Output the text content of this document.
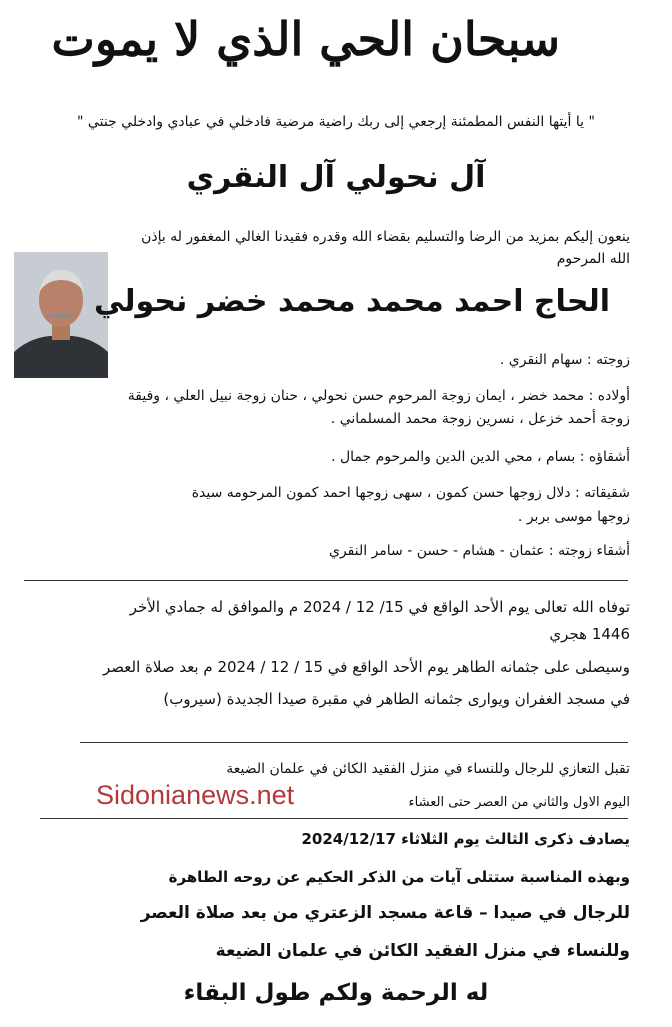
سبحان الحي الذي لا يموت
" يا أيتها النفس المطمئنة إرجعي إلى ربك راضية مرضية فادخلي في عبادي وادخلي جنتي "
آل نحولي آل النقري
ينعون إليكم بمزيد من الرضا والتسليم بقضاء الله وقدره فقيدنا الغالي المغفور له بإذن الله المرحوم
الحاج احمد محمد محمد خضر نحولي
زوجته : سهام النقري .
أولاده : محمد خضر ، ايمان زوجة المرحوم حسن نحولي ، حنان زوجة نبيل العلي ، وفيقة
زوجة أحمد خزعل ، نسرين زوجة محمد المسلماني .
أشقاؤه : بسام ، محي الدين الدين والمرحوم جمال .
شقيقاته : دلال زوجها حسن كمون ، سهى زوجها احمد كمون المرحومه سيدة
زوجها موسى بربر .
أشقاء زوجته : عثمان - هشام - حسن - سامر النقري
توفاه الله تعالى يوم الأحد الواقع في 15/ 12 / 2024 م والموافق له جمادي الأخر
1446 هجري
وسيصلى على جثمانه الطاهر يوم الأحد الواقع في 15 / 12 / 2024 م بعد صلاة العصر
في مسجد الغفران ويوارى جثمانه الطاهر في مقبرة صيدا الجديدة (سيروب)
تقبل التعازي للرجال وللنساء في منزل الفقيد الكائن في علمان الضيعة
Sidonianews.net	اليوم الاول والثاني من العصر حتى العشاء
يصادف ذكرى الثالث يوم الثلاثاء 2024/12/17
وبهذه المناسبة ستتلى آيات من الذكر الحكيم عن روحه الطاهرة
للرجال في صيدا – قاعة مسجد الزعتري من بعد صلاة العصر
وللنساء في منزل الفقيد الكائن في علمان الضيعة
له الرحمة ولكم طول البقاء
